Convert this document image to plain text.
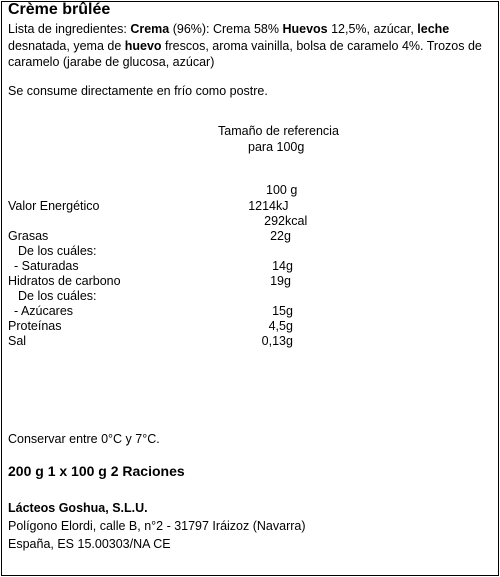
Crème brûlée
Lista de ingredientes: Crema (96%): Crema 58% Huevos 12,5%, azúcar, leche desnatada, yema de huevo frescos, aroma vainilla, bolsa de caramelo 4%. Trozos de caramelo (jarabe de glucosa, azúcar)
Se consume directamente en frío como postre.
Tamaño de referencia
para 100g
100 g
Valor Energético	1214 kJ
292 kcal
Grasas	22 g
De los cuáles:
- Saturadas	14 g
Hidratos de carbono	19 g
De los cuáles:
- Azúcares	15 g
Proteínas	4,5 g
Sal	0,13 g
Conservar entre 0°C y 7°C.
200 g 1 x 100 g 2 Raciones
Lácteos Goshua, S.L.U.
Polígono Elordi, calle B, n°2 - 31797 Iráizoz (Navarra)
España, ES 15.00303/NA CE
